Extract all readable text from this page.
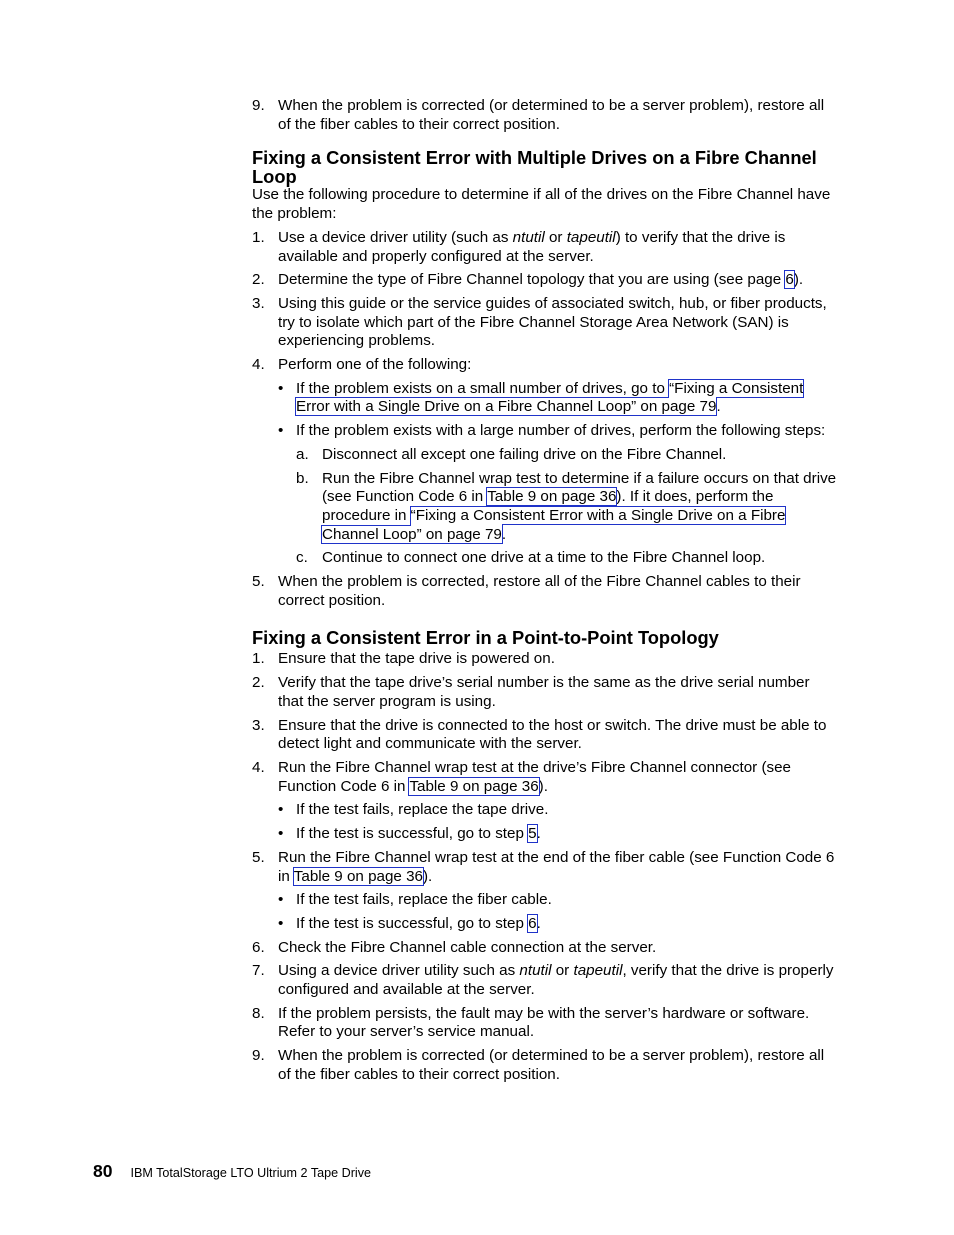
9. When the problem is corrected (or determined to be a server problem), restore all of the fiber cables to their correct position.
Fixing a Consistent Error with Multiple Drives on a Fibre Channel Loop

Use the following procedure to determine if all of the drives on the Fibre Channel have the problem:

1. Use a device driver utility (such as ntutil or tapeutil) to verify that the drive is available and properly configured at the server.
2. Determine the type of Fibre Channel topology that you are using (see page 6).
3. Using this guide or the service guides of associated switch, hub, or fiber products, try to isolate which part of the Fibre Channel Storage Area Network (SAN) is experiencing problems.
4. Perform one of the following:
• If the problem exists on a small number of drives, go to “Fixing a Consistent Error with a Single Drive on a Fibre Channel Loop” on page 79.
• If the problem exists with a large number of drives, perform the following steps:
a. Disconnect all except one failing drive on the Fibre Channel.
b. Run the Fibre Channel wrap test to determine if a failure occurs on that drive (see Function Code 6 in Table 9 on page 36). If it does, perform the procedure in “Fixing a Consistent Error with a Single Drive on a Fibre Channel Loop” on page 79.
c. Continue to connect one drive at a time to the Fibre Channel loop.
5. When the problem is corrected, restore all of the Fibre Channel cables to their correct position.
Fixing a Consistent Error in a Point-to-Point Topology
1. Ensure that the tape drive is powered on.
2. Verify that the tape drive’s serial number is the same as the drive serial number that the server program is using.
3. Ensure that the drive is connected to the host or switch. The drive must be able to detect light and communicate with the server.
4. Run the Fibre Channel wrap test at the drive’s Fibre Channel connector (see Function Code 6 in Table 9 on page 36).
• If the test fails, replace the tape drive.
• If the test is successful, go to step 5.
5. Run the Fibre Channel wrap test at the end of the fiber cable (see Function Code 6 in Table 9 on page 36).
• If the test fails, replace the fiber cable.
• If the test is successful, go to step 6.
6. Check the Fibre Channel cable connection at the server.
7. Using a device driver utility such as ntutil or tapeutil, verify that the drive is properly configured and available at the server.
8. If the problem persists, the fault may be with the server’s hardware or software. Refer to your server’s service manual.
9. When the problem is corrected (or determined to be a server problem), restore all of the fiber cables to their correct position.
80 IBM TotalStorage LTO Ultrium 2 Tape Drive
